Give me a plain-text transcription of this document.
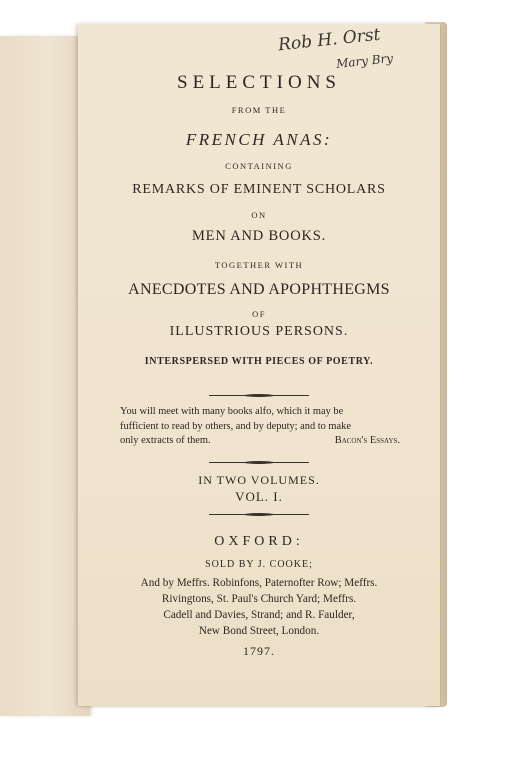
Rob H. Orst
Mary Bry
SELECTIONS
FROM THE
FRENCH ANAS:
CONTAINING
REMARKS OF EMINENT SCHOLARS
ON
MEN AND BOOKS.
TOGETHER WITH
ANECDOTES AND APOPHTHEGMS
OF
ILLUSTRIOUS PERSONS.
INTERSPERSED WITH PIECES OF POETRY.
You will meet with many books alfo, which it may be
fufficient to read by others, and by deputy; and to make
only extracts of them.	Bacon's Essays.
IN TWO VOLUMES.
VOL. I.
OXFORD:
SOLD BY J. COOKE;
And by Meffrs. Robinfons, Paternofter Row; Meffrs.
Rivingtons, St. Paul's Church Yard; Meffrs.
Cadell and Davies, Strand; and R. Faulder,
New Bond Street, London.
1797.
